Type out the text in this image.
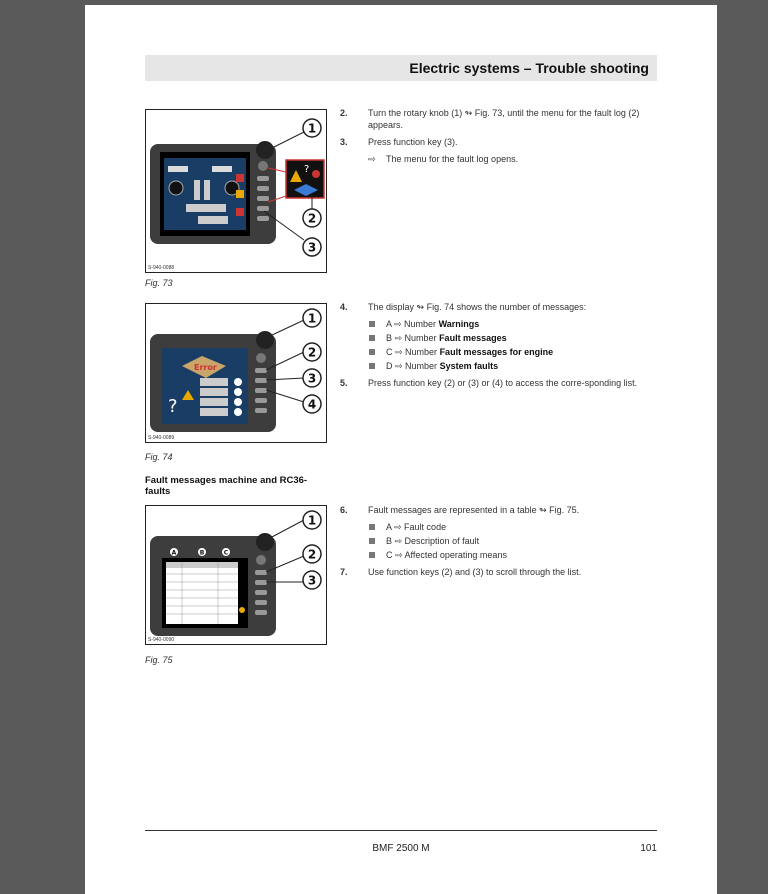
Electric systems – Trouble shooting
?
1
2
3
S-940-0088
Fig. 73
2. Turn the rotary knob (1) ↬ Fig. 73, until the menu for the fault log (2) appears.
3. Press function key (3).
⇨ The menu for the fault log opens.
Error
?
1
2
3
4
S-940-0089
Fig. 74
4. The display ↬ Fig. 74 shows the number of messages:
A ⇨ Number Warnings
B ⇨ Number Fault messages
C ⇨ Number Fault messages for engine
D ⇨ Number System faults
5. Press function key (2) or (3) or (4) to access the corre-sponding list.
Fault messages machine and RC36-faults
A	B	C
1
2
3
S-940-0090
Fig. 75
6. Fault messages are represented in a table ↬ Fig. 75.
A ⇨ Fault code
B ⇨ Description of fault
C ⇨ Affected operating means
7. Use function keys (2) and (3) to scroll through the list.
BMF 2500 M	101
